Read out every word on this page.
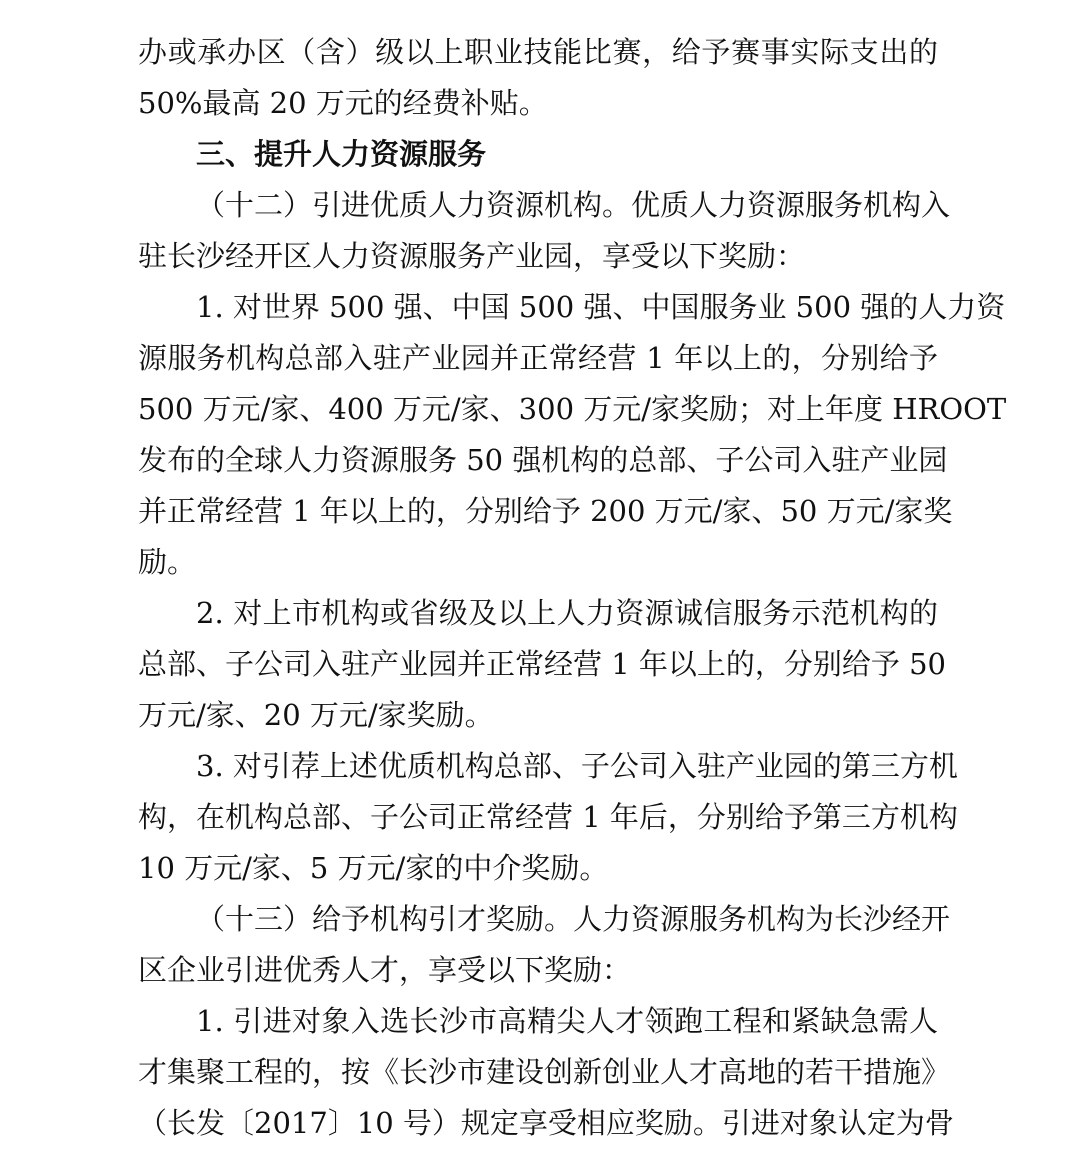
办或承办区（含）级以上职业技能比赛，给予赛事实际支出的
50%最高 20 万元的经费补贴。
三、提升人力资源服务
（十二）引进优质人力资源机构。优质人力资源服务机构入
驻长沙经开区人力资源服务产业园，享受以下奖励：
1. 对世界 500 强、中国 500 强、中国服务业 500 强的人力资
源服务机构总部入驻产业园并正常经营 1 年以上的，分别给予
500 万元/家、400 万元/家、300 万元/家奖励；对上年度 HROOT
发布的全球人力资源服务 50 强机构的总部、子公司入驻产业园
并正常经营 1 年以上的，分别给予 200 万元/家、50 万元/家奖
励。
2. 对上市机构或省级及以上人力资源诚信服务示范机构的
总部、子公司入驻产业园并正常经营 1 年以上的，分别给予 50
万元/家、20 万元/家奖励。
3. 对引荐上述优质机构总部、子公司入驻产业园的第三方机
构，在机构总部、子公司正常经营 1 年后，分别给予第三方机构
10 万元/家、5 万元/家的中介奖励。
（十三）给予机构引才奖励。人力资源服务机构为长沙经开
区企业引进优秀人才，享受以下奖励：
1. 引进对象入选长沙市高精尖人才领跑工程和紧缺急需人
才集聚工程的，按《长沙市建设创新创业人才高地的若干措施》
（长发〔2017〕10 号）规定享受相应奖励。引进对象认定为骨
